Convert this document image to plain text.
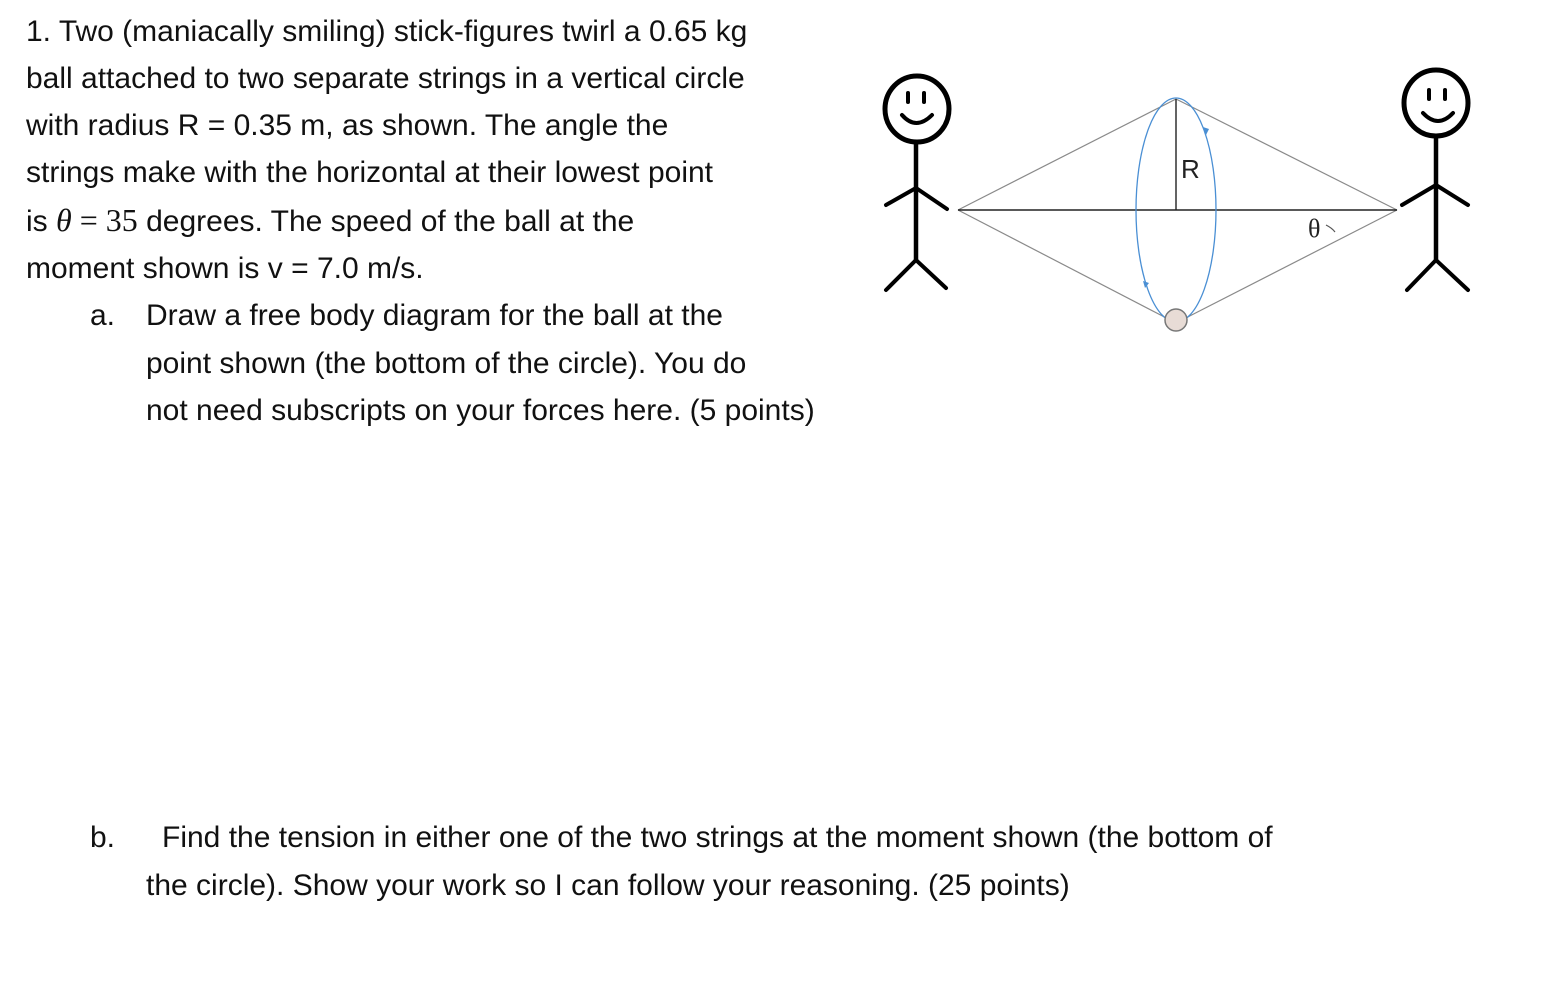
1. Two (maniacally smiling) stick-figures twirl a 0.65 kg
ball attached to two separate strings in a vertical circle
with radius R = 0.35 m, as shown. The angle the
strings make with the horizontal at their lowest point
is θ = 35 degrees. The speed of the ball at the
moment shown is v = 7.0 m/s.
a. Draw a free body diagram for the ball at the
point shown (the bottom of the circle). You do
not need subscripts on your forces here. (5 points)
b. Find the tension in either one of the two strings at the moment shown (the bottom of
the circle). Show your work so I can follow your reasoning. (25 points)
R
θ
